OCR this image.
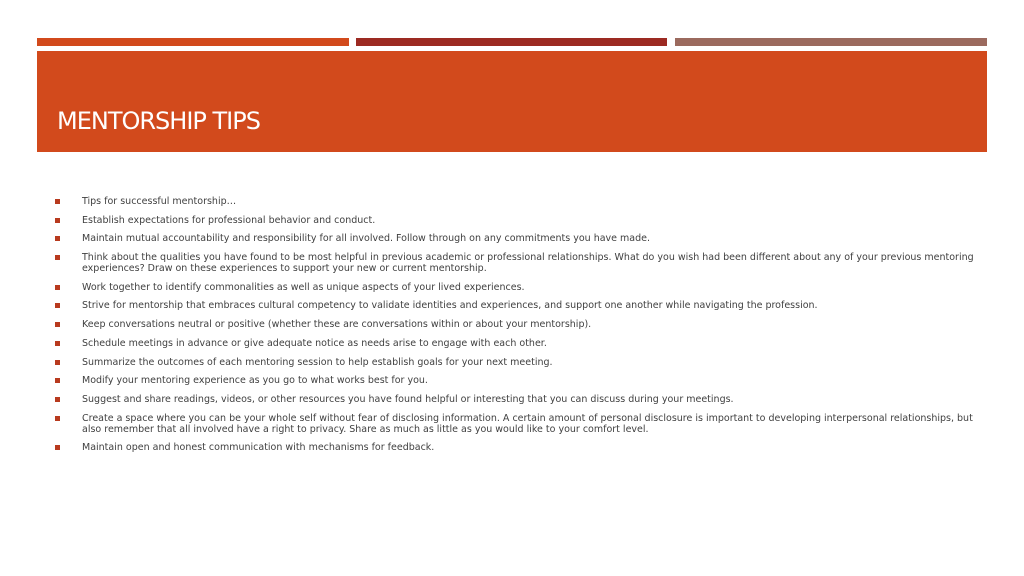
MENTORSHIP TIPS
Tips for successful mentorship…
Establish expectations for professional behavior and conduct.
Maintain mutual accountability and responsibility for all involved. Follow through on any commitments you have made.
Think about the qualities you have found to be most helpful in previous academic or professional relationships. What do you wish had been different about any of your previous mentoring experiences? Draw on these experiences to support your new or current mentorship.
Work together to identify commonalities as well as unique aspects of your lived experiences.
Strive for mentorship that embraces cultural competency to validate identities and experiences, and support one another while navigating the profession.
Keep conversations neutral or positive (whether these are conversations within or about your mentorship).
Schedule meetings in advance or give adequate notice as needs arise to engage with each other.
Summarize the outcomes of each mentoring session to help establish goals for your next meeting.
Modify your mentoring experience as you go to what works best for you.
Suggest and share readings, videos, or other resources you have found helpful or interesting that you can discuss during your meetings.
Create a space where you can be your whole self without fear of disclosing information. A certain amount of personal disclosure is important to developing interpersonal relationships, but also remember that all involved have a right to privacy. Share as much as little as you would like to your comfort level.
Maintain open and honest communication with mechanisms for feedback.
